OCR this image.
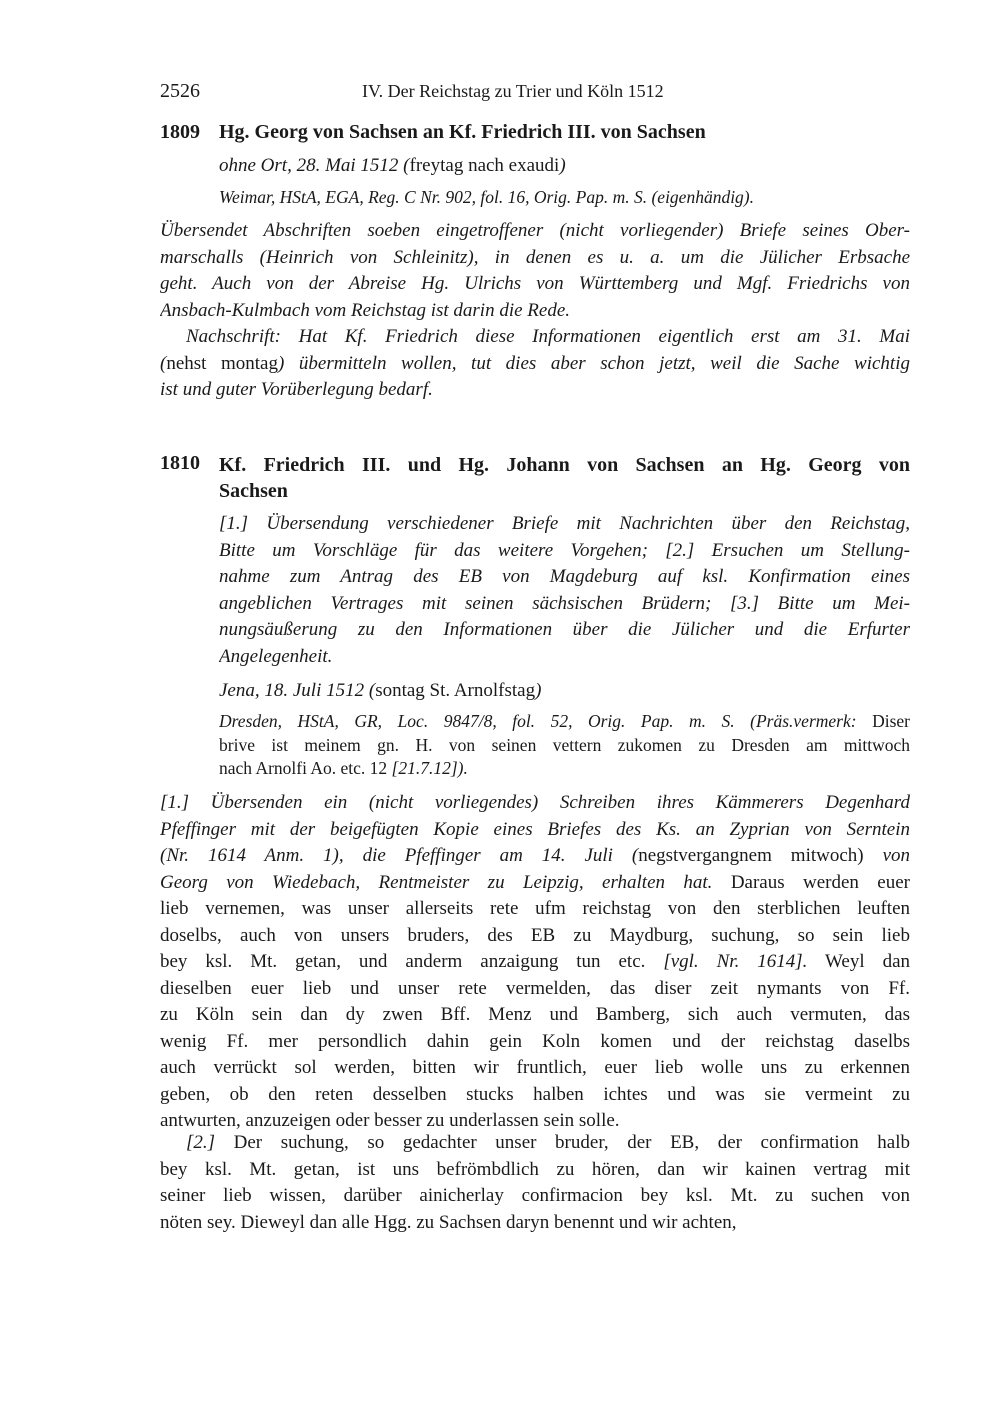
2526	IV. Der Reichstag zu Trier und Köln 1512
1809 Hg. Georg von Sachsen an Kf. Friedrich III. von Sachsen
ohne Ort, 28. Mai 1512 (freytag nach exaudi)
Weimar, HStA, EGA, Reg. C Nr. 902, fol. 16, Orig. Pap. m. S. (eigenhändig).
Übersendet Abschriften soeben eingetroffener (nicht vorliegender) Briefe seines Ober-
marschalls (Heinrich von Schleinitz), in denen es u. a. um die Jülicher Erbsache
geht. Auch von der Abreise Hg. Ulrichs von Württemberg und Mgf. Friedrichs von
Ansbach-Kulmbach vom Reichstag ist darin die Rede.
Nachschrift: Hat Kf. Friedrich diese Informationen eigentlich erst am 31. Mai
(nehst montag) übermitteln wollen, tut dies aber schon jetzt, weil die Sache wichtig
ist und guter Vorüberlegung bedarf.
1810 Kf. Friedrich III. und Hg. Johann von Sachsen an Hg. Georg von
Sachsen
[1.] Übersendung verschiedener Briefe mit Nachrichten über den Reichstag,
Bitte um Vorschläge für das weitere Vorgehen; [2.] Ersuchen um Stellung-
nahme zum Antrag des EB von Magdeburg auf ksl. Konfirmation eines
angeblichen Vertrages mit seinen sächsischen Brüdern; [3.] Bitte um Mei-
nungsäußerung zu den Informationen über die Jülicher und die Erfurter
Angelegenheit.
Jena, 18. Juli 1512 (sontag St. Arnolfstag)
Dresden, HStA, GR, Loc. 9847/8, fol. 52, Orig. Pap. m. S. (Präs.vermerk: Diser
brive ist meinem gn. H. von seinen vettern zukomen zu Dresden am mittwoch
nach Arnolfi Ao. etc. 12 [21.7.12]).
[1.] Übersenden ein (nicht vorliegendes) Schreiben ihres Kämmerers Degenhard
Pfeffinger mit der beigefügten Kopie eines Briefes des Ks. an Zyprian von Serntein
(Nr. 1614 Anm. 1), die Pfeffinger am 14. Juli (negstvergangnem mitwoch) von
Georg von Wiedebach, Rentmeister zu Leipzig, erhalten hat. Daraus werden euer
lieb vernemen, was unser allerseits rete ufm reichstag von den sterblichen leuften
doselbs, auch von unsers bruders, des EB zu Maydburg, suchung, so sein lieb
bey ksl. Mt. getan, und anderm anzaigung tun etc. [vgl. Nr. 1614]. Weyl dan
dieselben euer lieb und unser rete vermelden, das diser zeit nymants von Ff.
zu Köln sein dan dy zwen Bff. Menz und Bamberg, sich auch vermuten, das
wenig Ff. mer persondlich dahin gein Koln komen und der reichstag daselbs
auch verrückt sol werden, bitten wir fruntlich, euer lieb wolle uns zu erkennen
geben, ob den reten desselben stucks halben ichtes und was sie vermeint zu
antwurten, anzuzeigen oder besser zu underlassen sein solle.
[2.] Der suchung, so gedachter unser bruder, der EB, der confirmation halb
bey ksl. Mt. getan, ist uns befrömbdlich zu hören, dan wir kainen vertrag mit
seiner lieb wissen, darüber ainicherlay confirmacion bey ksl. Mt. zu suchen von
nöten sey. Dieweyl dan alle Hgg. zu Sachsen daryn benennt und wir achten,
